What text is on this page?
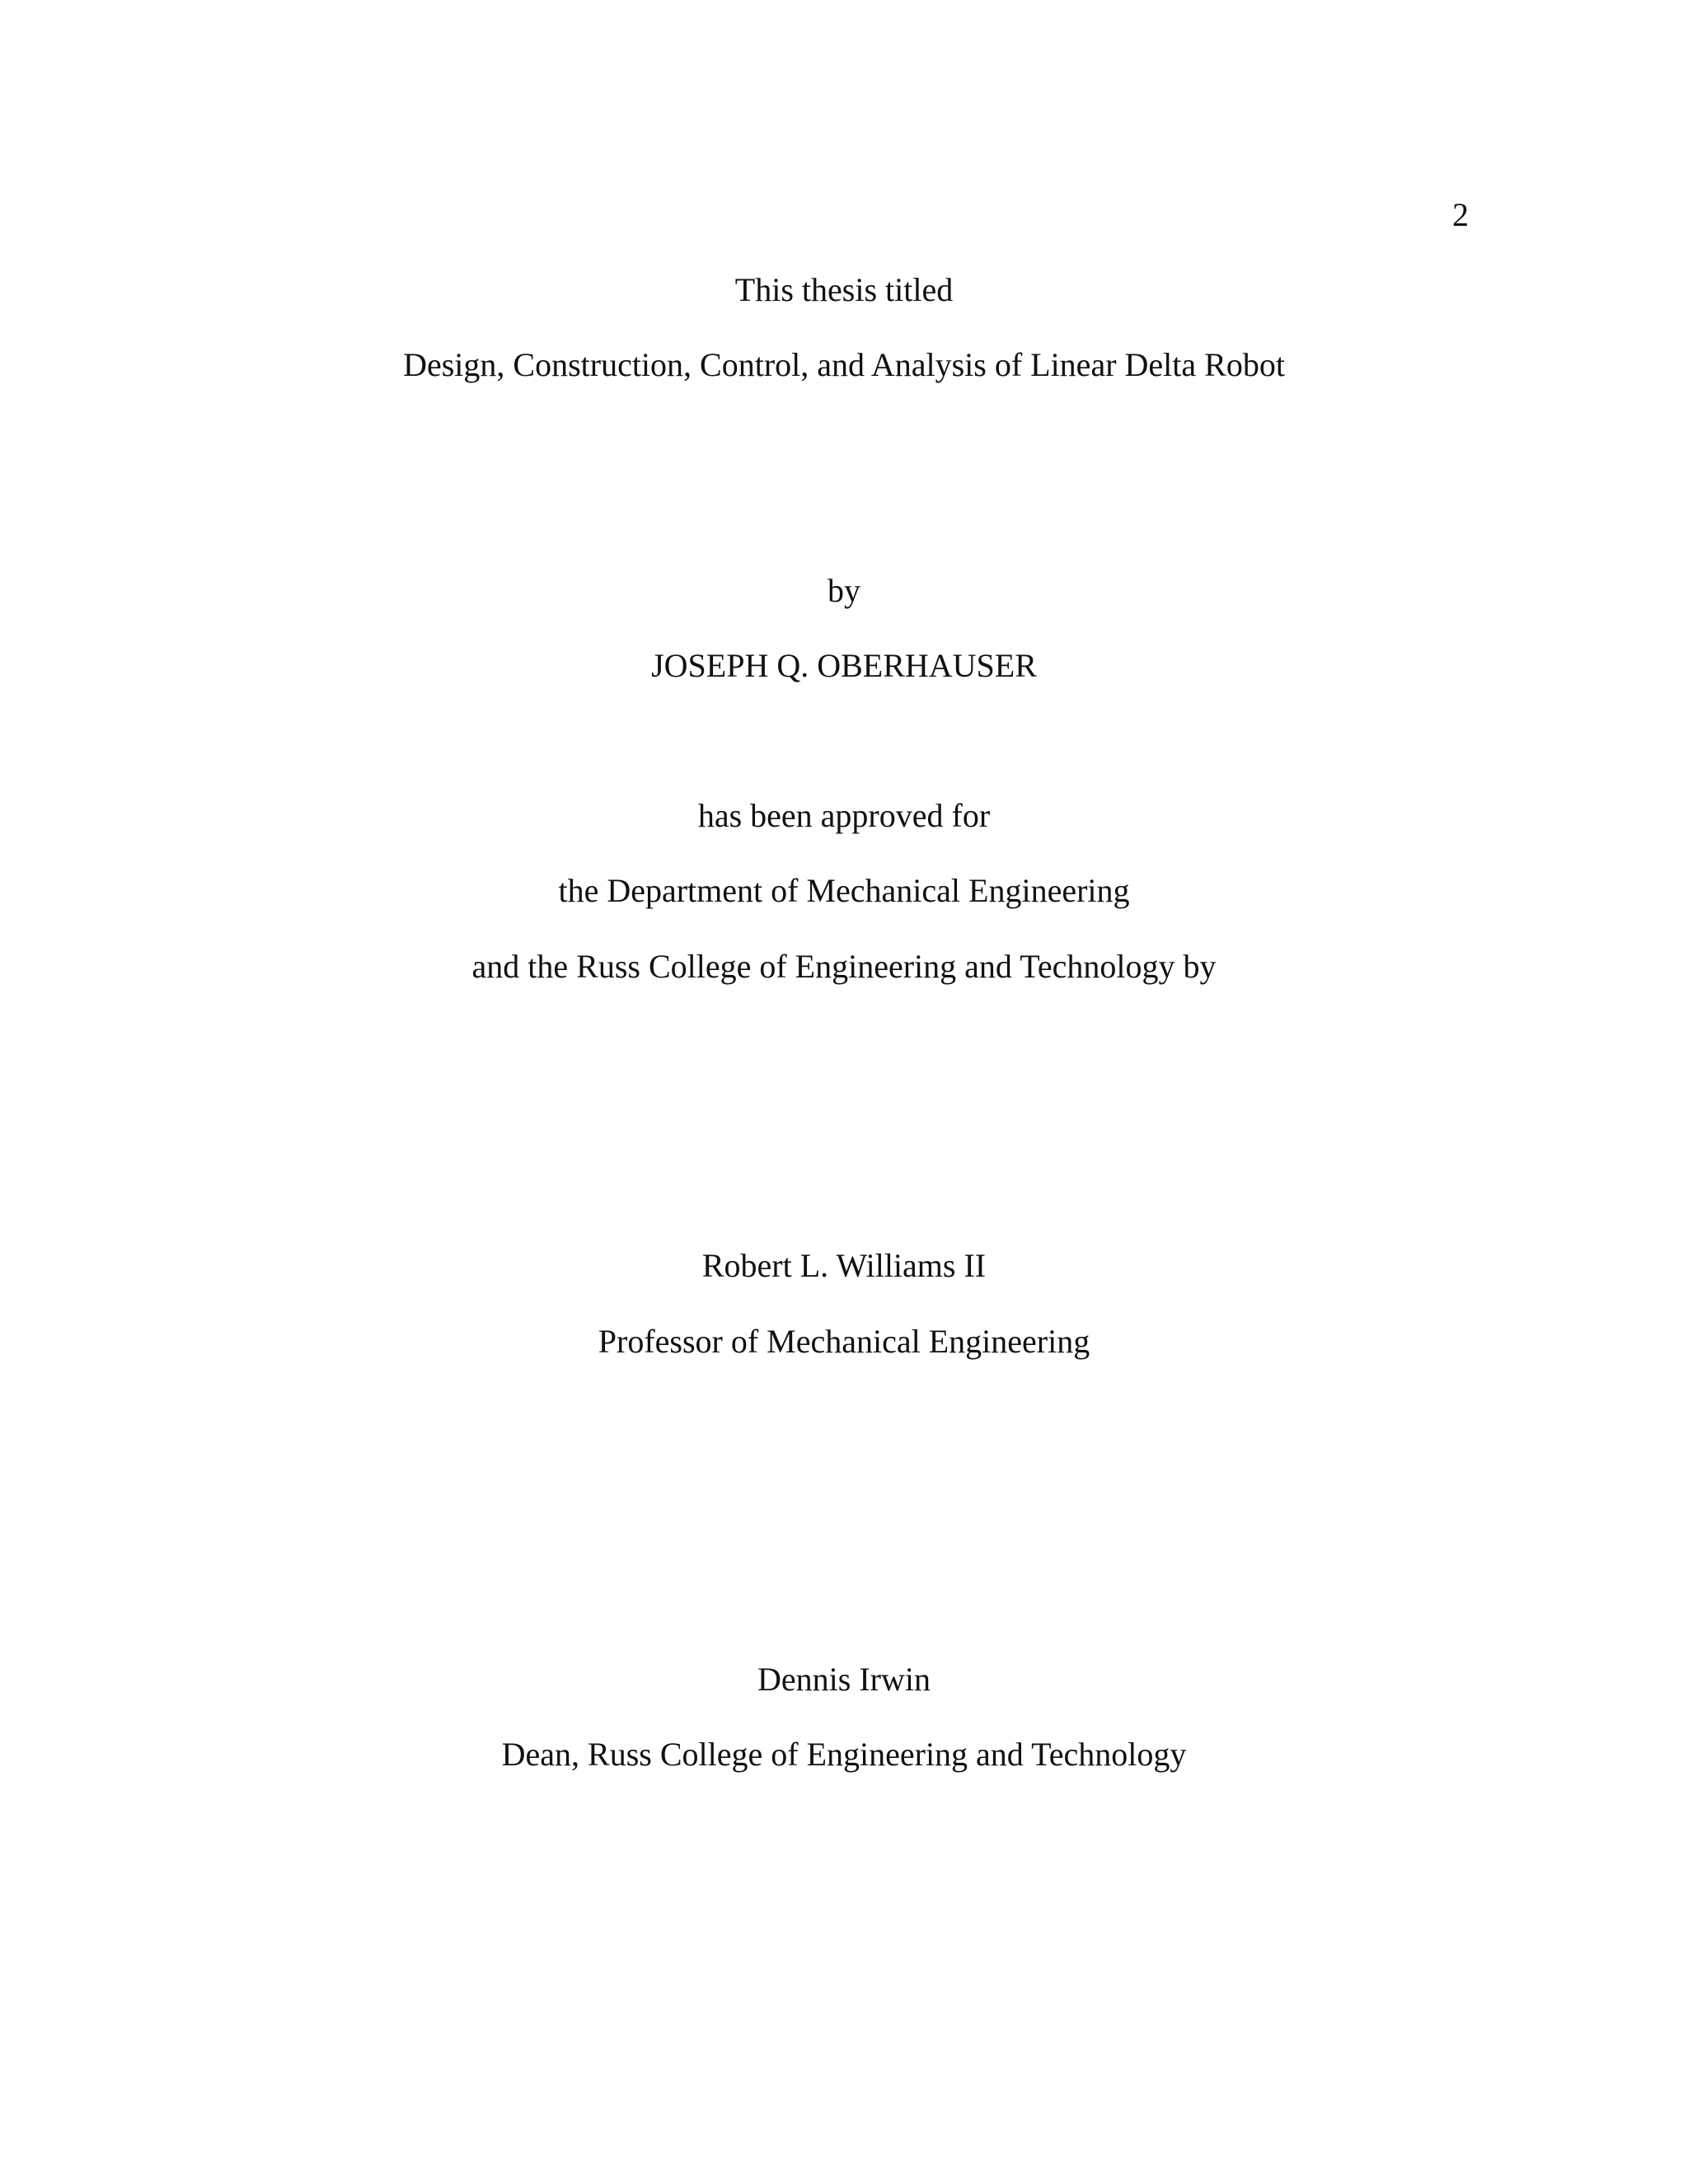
2
This thesis titled
Design, Construction, Control, and Analysis of Linear Delta Robot
by
JOSEPH Q. OBERHAUSER
has been approved for
the Department of Mechanical Engineering
and the Russ College of Engineering and Technology by
Robert L. Williams II
Professor of Mechanical Engineering
Dennis Irwin
Dean, Russ College of Engineering and Technology
